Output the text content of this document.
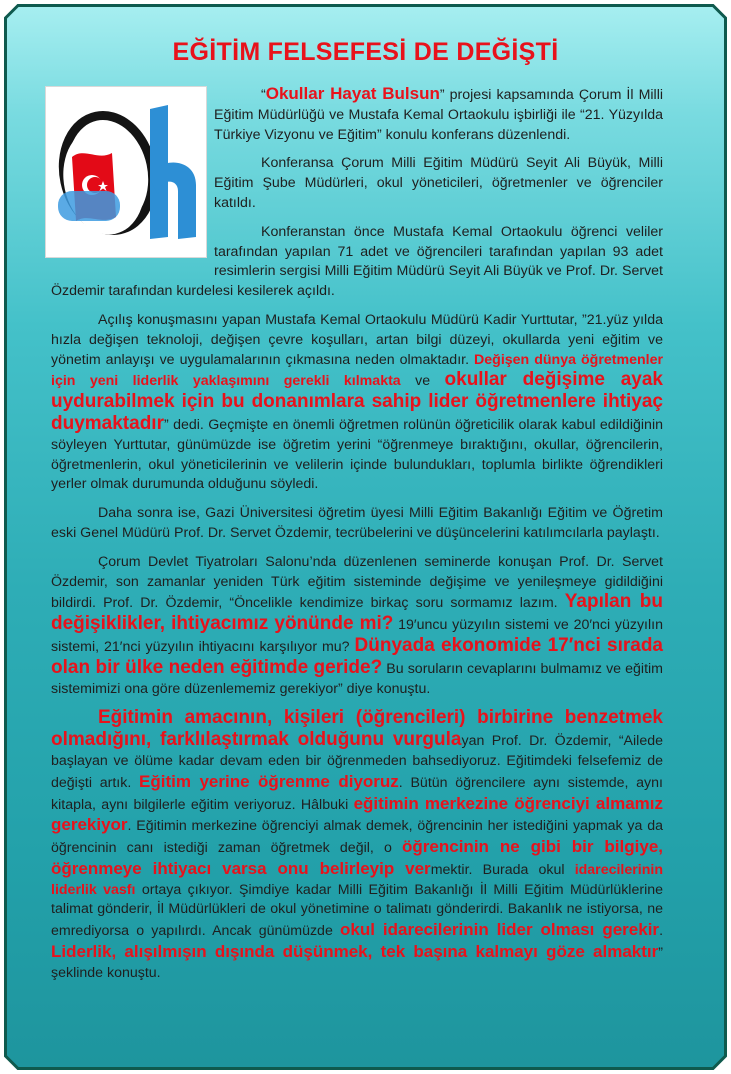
EĞİTİM FELSEFESİ DE DEĞİŞTİ

“Okullar Hayat Bulsun” projesi kapsamında Çorum İl Milli Eğitim Müdürlüğü ve Mustafa Kemal Ortaokulu işbirliği ile “21. Yüzyılda Türkiye Vizyonu ve Eğitim” konulu konferans düzenlendi.

Konferansa Çorum Milli Eğitim Müdürü Seyit Ali Büyük, Milli Eğitim Şube Müdürleri, okul yöneticileri, öğretmenler ve öğrenciler katıldı.

Konferanstan önce Mustafa Kemal Ortaokulu öğrenci veliler tarafından yapılan 71 adet ve öğrencileri tarafından yapılan 93 adet resimlerin sergisi Milli Eğitim Müdürü Seyit Ali Büyük ve Prof. Dr. Servet Özdemir tarafından kurdelesi kesilerek açıldı.

Açılış konuşmasını yapan Mustafa Kemal Ortaokulu Müdürü Kadir Yurttutar, ”21.yüz yılda hızla değişen teknoloji, değişen çevre koşulları, artan bilgi düzeyi, okullarda yeni eğitim ve yönetim anlayışı ve uygulamalarının çıkmasına neden olmaktadır. Değişen dünya öğretmenler için yeni liderlik yaklaşımını gerekli kılmakta ve okullar değişime ayak uydurabilmek için bu donanımlara sahip lider öğretmenlere ihtiyaç duymaktadır” dedi. Geçmişte en önemli öğretmen rolünün öğreticilik olarak kabul edildiğinin söyleyen Yurttutar, günümüzde ise öğretim yerini “öğrenmeye bıraktığını, okullar, öğrencilerin, öğretmenlerin, okul yöneticilerinin ve velilerin içinde bulundukları, toplumla birlikte öğrendikleri yerler olmak durumunda olduğunu söyledi.

Daha sonra ise, Gazi Üniversitesi öğretim üyesi Milli Eğitim Bakanlığı Eğitim ve Öğretim eski Genel Müdürü Prof. Dr. Servet Özdemir, tecrübelerini ve düşüncelerini katılımcılarla paylaştı.

Çorum Devlet Tiyatroları Salonu’nda düzenlenen seminerde konuşan Prof. Dr. Servet Özdemir, son zamanlar yeniden Türk eğitim sisteminde değişime ve yenileşmeye gidildiğini bildirdi. Prof. Dr. Özdemir, “Öncelikle kendimize birkaç soru sormamız lazım. Yapılan bu değişiklikler, ihtiyacımız yönünde mi? 19′uncu yüzyılın sistemi ve 20′nci yüzyılın sistemi, 21′nci yüzyılın ihtiyacını karşılıyor mu? Dünyada ekonomide 17′nci sırada olan bir ülke neden eğitimde geride? Bu soruların cevaplarını bulmamız ve eğitim sistemimizi ona göre düzenlememiz gerekiyor” diye konuştu.

Eğitimin amacının, kişileri (öğrencileri) birbirine benzetmek olmadığını, farklılaştırmak olduğunu vurgulayan Prof. Dr. Özdemir, “Ailede başlayan ve ölüme kadar devam eden bir öğrenmeden bahsediyoruz. Eğitimdeki felsefemiz de değişti artık. Eğitim yerine öğrenme diyoruz. Bütün öğrencilere aynı sistemde, aynı kitapla, aynı bilgilerle eğitim veriyoruz. Hâlbuki eğitimin merkezine öğrenciyi almamız gerekiyor. Eğitimin merkezine öğrenciyi almak demek, öğrencinin her istediğini yapmak ya da öğrencinin canı istediği zaman öğretmek değil, o öğrencinin ne gibi bir bilgiye, öğrenmeye ihtiyacı varsa onu belirleyip vermektir. Burada okul idarecilerinin liderlik vasfı ortaya çıkıyor. Şimdiye kadar Milli Eğitim Bakanlığı İl Milli Eğitim Müdürlüklerine talimat gönderir, İl Müdürlükleri de okul yönetimine o talimatı gönderirdi. Bakanlık ne istiyorsa, ne emrediyorsa o yapılırdı. Ancak günümüzde okul idarecilerinin lider olması gerekir. Liderlik, alışılmışın dışında düşünmek, tek başına kalmayı göze almaktır” şeklinde konuştu.
